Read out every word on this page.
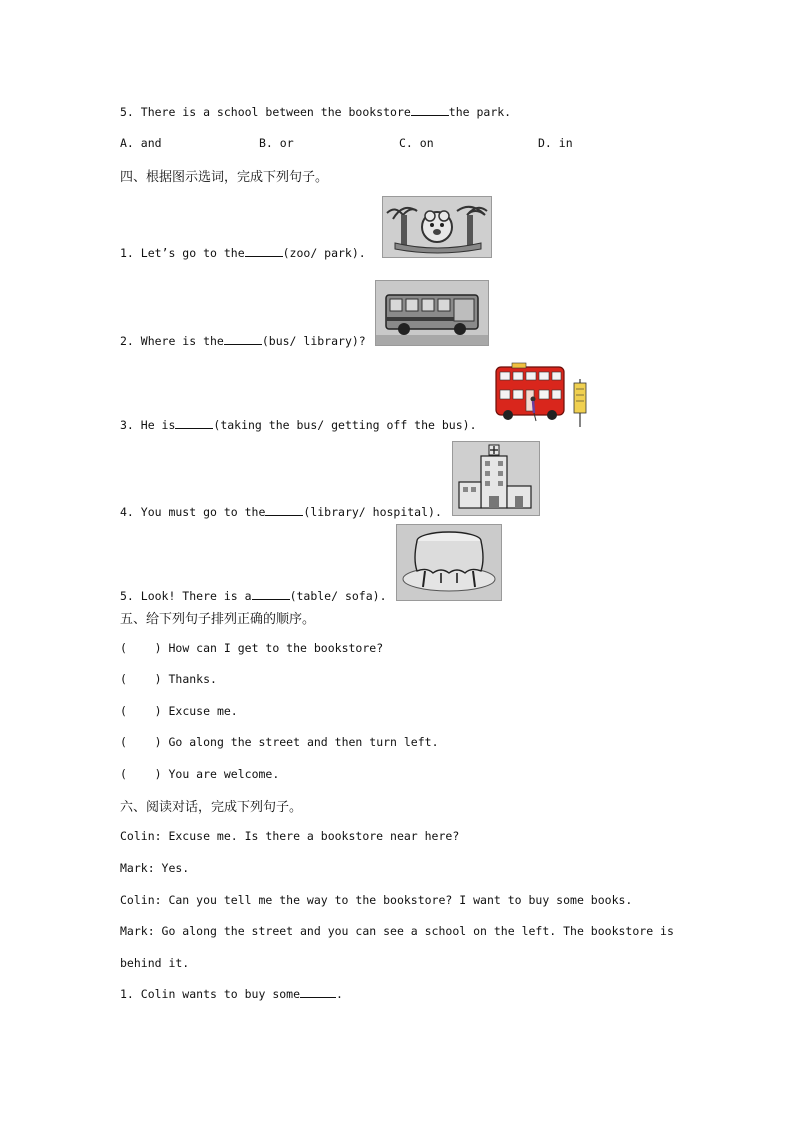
5. There is a school between the bookstore	the park.
A. and	B. or	C. on	D. in
四、根据图示选词，完成下列句子。
1. Let’s go to the	(zoo/ park).
2. Where is the	(bus/ library)?
3. He is	(taking the bus/ getting off the bus).
4. You must go to the	(library/ hospital).
5. Look! There is a	(table/ sofa).
五、给下列句子排列正确的顺序。
(    ) How can I get to the bookstore?
(    ) Thanks.
(    ) Excuse me.
(    ) Go along the street and then turn left.
(    ) You are welcome.
六、阅读对话，完成下列句子。
Colin: Excuse me. Is there a bookstore near here?
Mark: Yes.
Colin: Can you tell me the way to the bookstore? I want to buy some books.
Mark: Go along the street and you can see a school on the left. The bookstore is
behind it.
1. Colin wants to buy some	.
